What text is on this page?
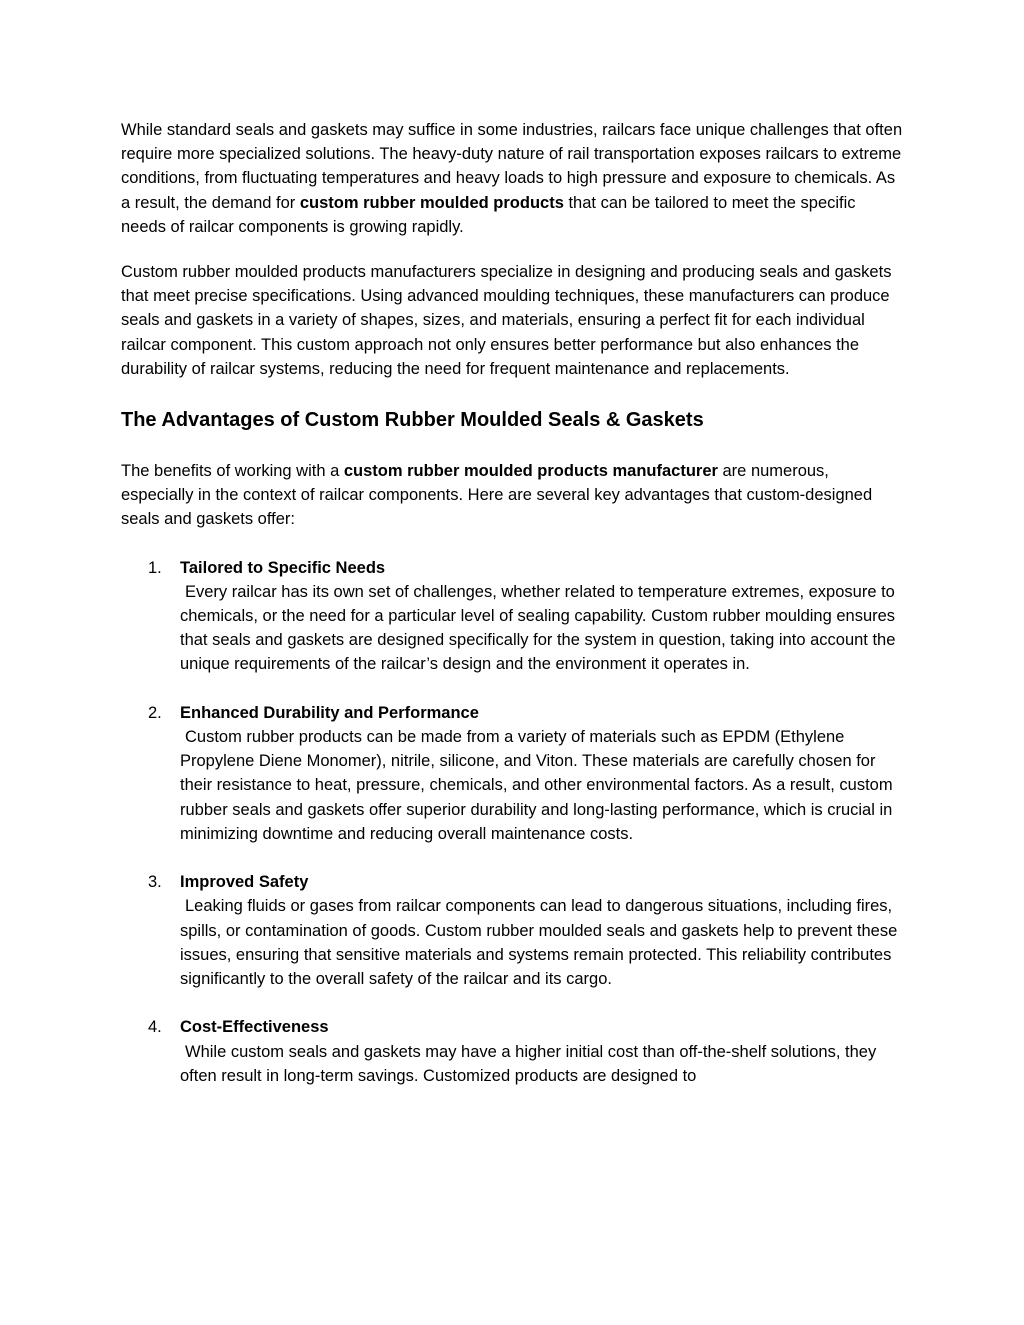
While standard seals and gaskets may suffice in some industries, railcars face unique challenges that often require more specialized solutions. The heavy-duty nature of rail transportation exposes railcars to extreme conditions, from fluctuating temperatures and heavy loads to high pressure and exposure to chemicals. As a result, the demand for custom rubber moulded products that can be tailored to meet the specific needs of railcar components is growing rapidly.

Custom rubber moulded products manufacturers specialize in designing and producing seals and gaskets that meet precise specifications. Using advanced moulding techniques, these manufacturers can produce seals and gaskets in a variety of shapes, sizes, and materials, ensuring a perfect fit for each individual railcar component. This custom approach not only ensures better performance but also enhances the durability of railcar systems, reducing the need for frequent maintenance and replacements.

The Advantages of Custom Rubber Moulded Seals & Gaskets

The benefits of working with a custom rubber moulded products manufacturer are numerous, especially in the context of railcar components. Here are several key advantages that custom-designed seals and gaskets offer:

1. Tailored to Specific Needs
Every railcar has its own set of challenges, whether related to temperature extremes, exposure to chemicals, or the need for a particular level of sealing capability. Custom rubber moulding ensures that seals and gaskets are designed specifically for the system in question, taking into account the unique requirements of the railcar’s design and the environment it operates in.
2. Enhanced Durability and Performance
Custom rubber products can be made from a variety of materials such as EPDM (Ethylene Propylene Diene Monomer), nitrile, silicone, and Viton. These materials are carefully chosen for their resistance to heat, pressure, chemicals, and other environmental factors. As a result, custom rubber seals and gaskets offer superior durability and long-lasting performance, which is crucial in minimizing downtime and reducing overall maintenance costs.
3. Improved Safety
Leaking fluids or gases from railcar components can lead to dangerous situations, including fires, spills, or contamination of goods. Custom rubber moulded seals and gaskets help to prevent these issues, ensuring that sensitive materials and systems remain protected. This reliability contributes significantly to the overall safety of the railcar and its cargo.
4. Cost-Effectiveness
While custom seals and gaskets may have a higher initial cost than off-the-shelf solutions, they often result in long-term savings. Customized products are designed to
